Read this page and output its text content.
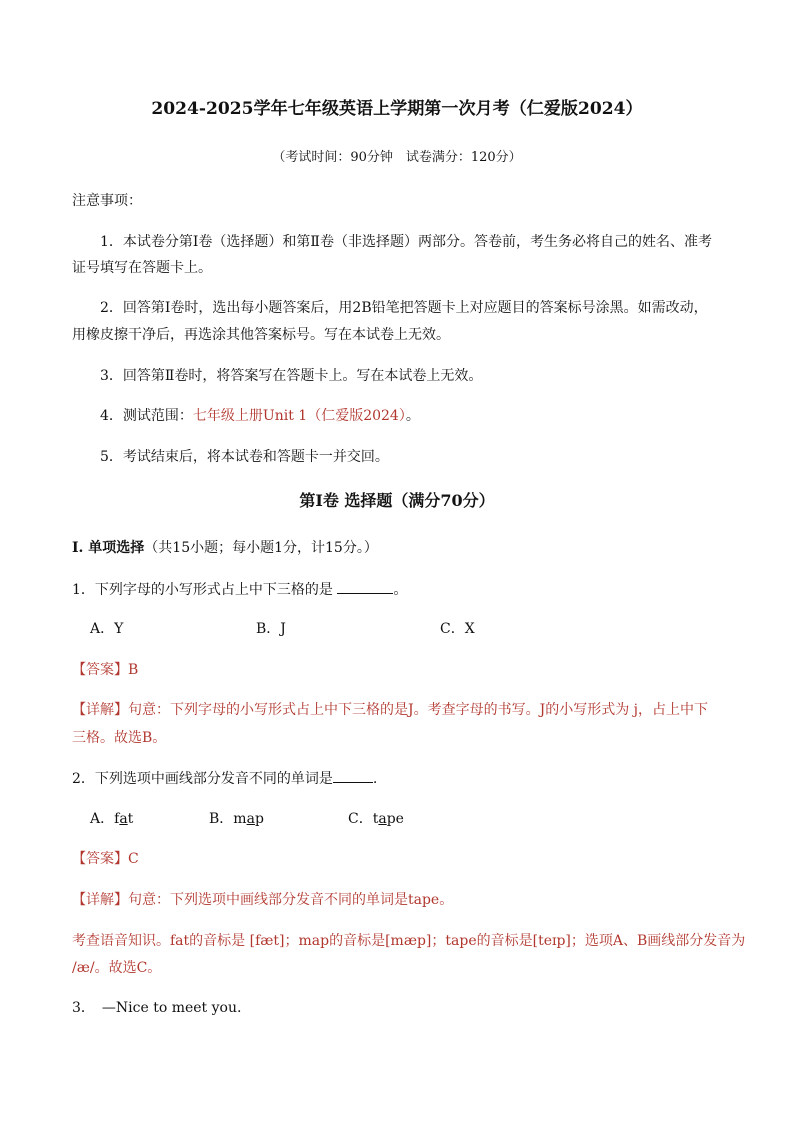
2024-2025学年七年级英语上学期第一次月考（仁爱版2024）
（考试时间：90分钟　试卷满分：120分）
注意事项：
1．本试卷分第Ⅰ卷（选择题）和第Ⅱ卷（非选择题）两部分。答卷前，考生务必将自己的姓名、准考
证号填写在答题卡上。
2．回答第Ⅰ卷时，选出每小题答案后，用2B铅笔把答题卡上对应题目的答案标号涂黑。如需改动，
用橡皮擦干净后，再选涂其他答案标号。写在本试卷上无效。
3．回答第Ⅱ卷时，将答案写在答题卡上。写在本试卷上无效。
4．测试范围：七年级上册Unit 1（仁爱版2024）。
5．考试结束后，将本试卷和答题卡一并交回。
第Ⅰ卷 选择题（满分70分）
I. 单项选择（共15小题；每小题1分，计15分。）
1．下列字母的小写形式占上中下三格的是	。
A．Y	B．J	C．X
【答案】B
【详解】句意：下列字母的小写形式占上中下三格的是J。考查字母的书写。J的小写形式为 j，占上中下
三格。故选B。
2．下列选项中画线部分发音不同的单词是	.
A．fat	B．map	C．tape
【答案】C
【详解】句意：下列选项中画线部分发音不同的单词是tape。
考查语音知识。fat的音标是 [fæt]；map的音标是[mæp]；tape的音标是[teɪp]；选项A、B画线部分发音为
/æ/。故选C。
3．　—Nice to meet you.
